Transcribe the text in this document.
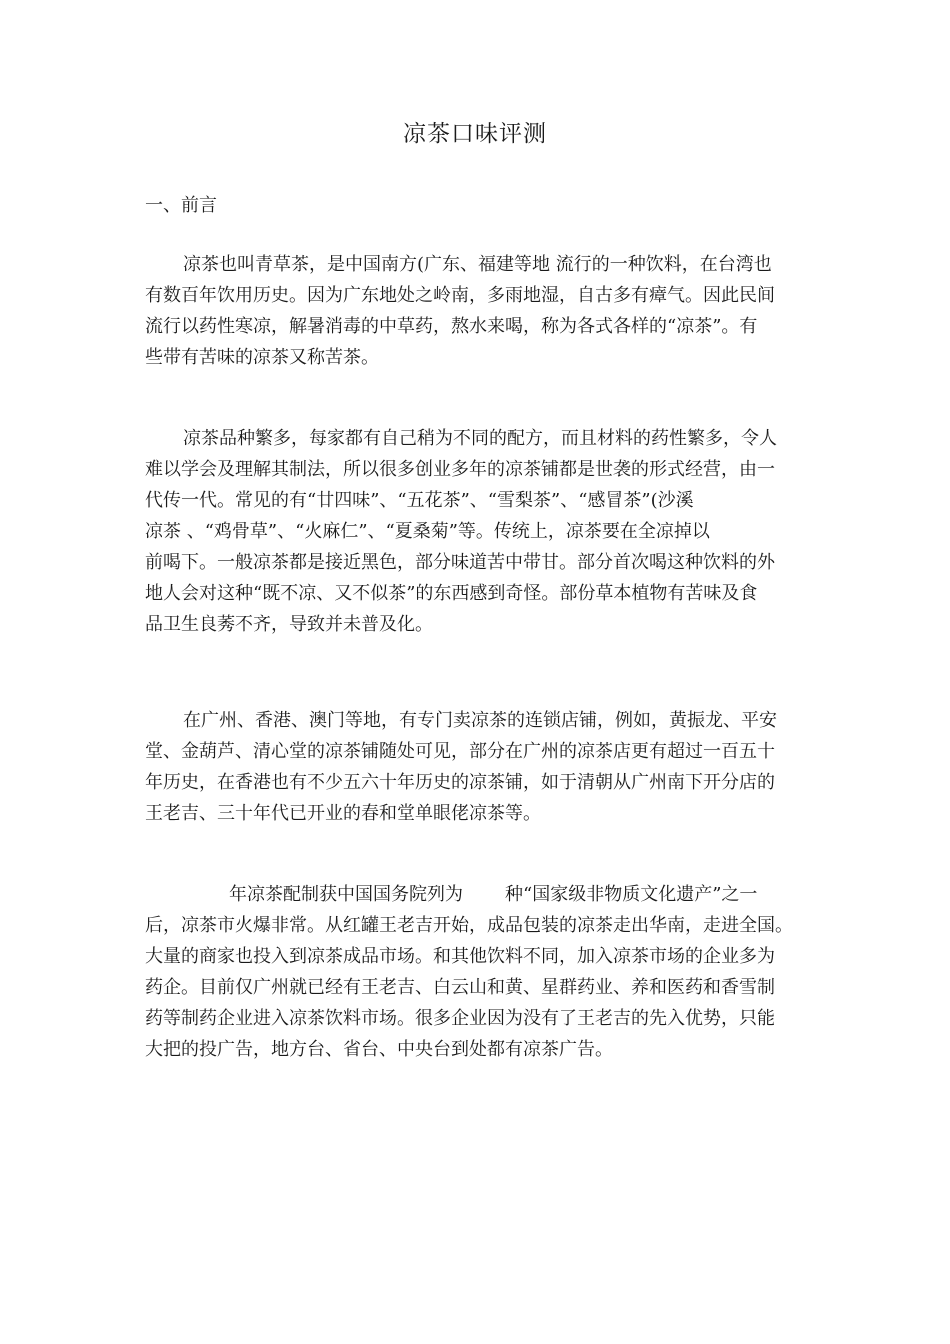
凉茶口味评测
一、前言
凉茶也叫青草茶，是中国南方(广东、福建等地 流行的一种饮料，在台湾也
有数百年饮用历史。因为广东地处之岭南，多雨地湿，自古多有瘴气。因此民间
流行以药性寒凉，解暑消毒的中草药，熬水来喝，称为各式各样的“凉茶”。有
些带有苦味的凉茶又称苦茶。
凉茶品种繁多，每家都有自己稍为不同的配方，而且材料的药性繁多，令人
难以学会及理解其制法，所以很多创业多年的凉茶铺都是世袭的形式经营，由一
代传一代。常见的有“廿四味”、“五花茶”、“雪梨茶”、“感冒茶”(沙溪
凉茶 、“鸡骨草”、“火麻仁”、“夏桑菊”等。传统上，凉茶要在全凉掉以
前喝下。一般凉茶都是接近黑色，部分味道苦中带甘。部分首次喝这种饮料的外
地人会对这种“既不凉、又不似茶”的东西感到奇怪。部份草本植物有苦味及食
品卫生良莠不齐，导致并未普及化。
在广州、香港、澳门等地，有专门卖凉茶的连锁店铺，例如，黄振龙、平安
堂、金葫芦、清心堂的凉茶铺随处可见，部分在广州的凉茶店更有超过一百五十
年历史，在香港也有不少五六十年历史的凉茶铺，如于清朝从广州南下开分店的
王老吉、三十年代已开业的春和堂单眼佬凉茶等。
年凉茶配制获中国国务院列为 种“国家级非物质文化遗产”之一
后，凉茶市火爆非常。从红罐王老吉开始，成品包装的凉茶走出华南，走进全国。
大量的商家也投入到凉茶成品市场。和其他饮料不同，加入凉茶市场的企业多为
药企。目前仅广州就已经有王老吉、白云山和黄、星群药业、养和医药和香雪制
药等制药企业进入凉茶饮料市场。很多企业因为没有了王老吉的先入优势，只能
大把的投广告，地方台、省台、中央台到处都有凉茶广告。
